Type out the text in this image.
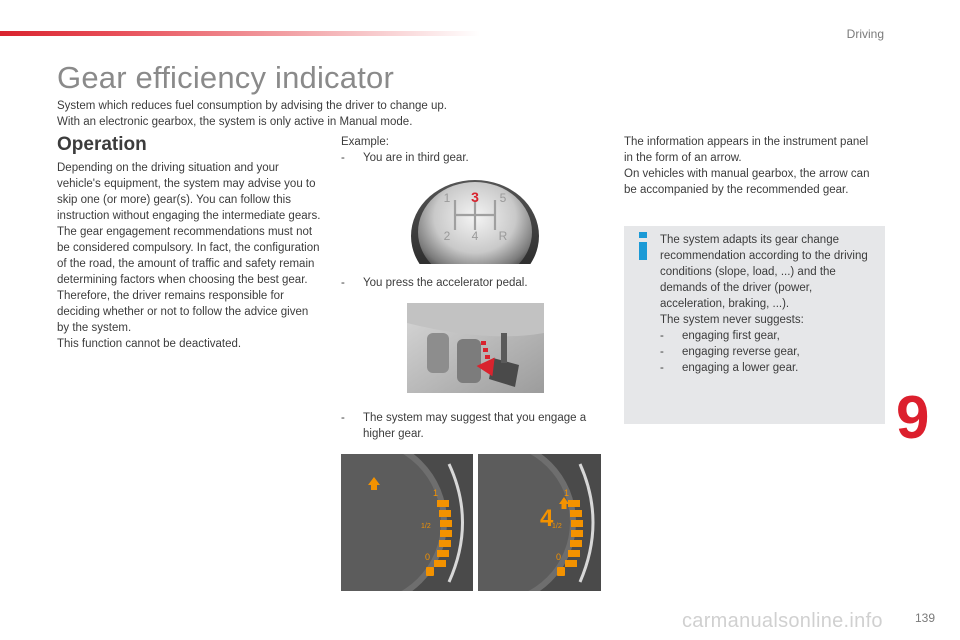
Driving
Gear efficiency indicator

System which reduces fuel consumption by advising the driver to change up.

With an electronic gearbox, the system is only active in Manual mode.

Operation

Depending on the driving situation and your vehicle's equipment, the system may advise you to skip one (or more) gear(s). You can follow this instruction without engaging the intermediate gears.

The gear engagement recommendations must not be considered compulsory. In fact, the configuration of the road, the amount of traffic and safety remain determining factors when choosing the best gear. Therefore, the driver remains responsible for deciding whether or not to follow the advice given by the system.

This function cannot be deactivated.

Example:

-	You are in third gear.
1 3 5
2 4 R
-	You press the accelerator pedal.
-	The system may suggest that you engage a higher gear.
1
1/2
0
4
1
1/2
0

The information appears in the instrument panel in the form of an arrow.

On vehicles with manual gearbox, the arrow can be accompanied by the recommended gear.

The system adapts its gear change recommendation according to the driving conditions (slope, load, ...) and the demands of the driver (power, acceleration, braking, ...).

The system never suggests:

-	engaging first gear,
-	engaging reverse gear,
-	engaging a lower gear.
9
carmanualsonline.info	139
